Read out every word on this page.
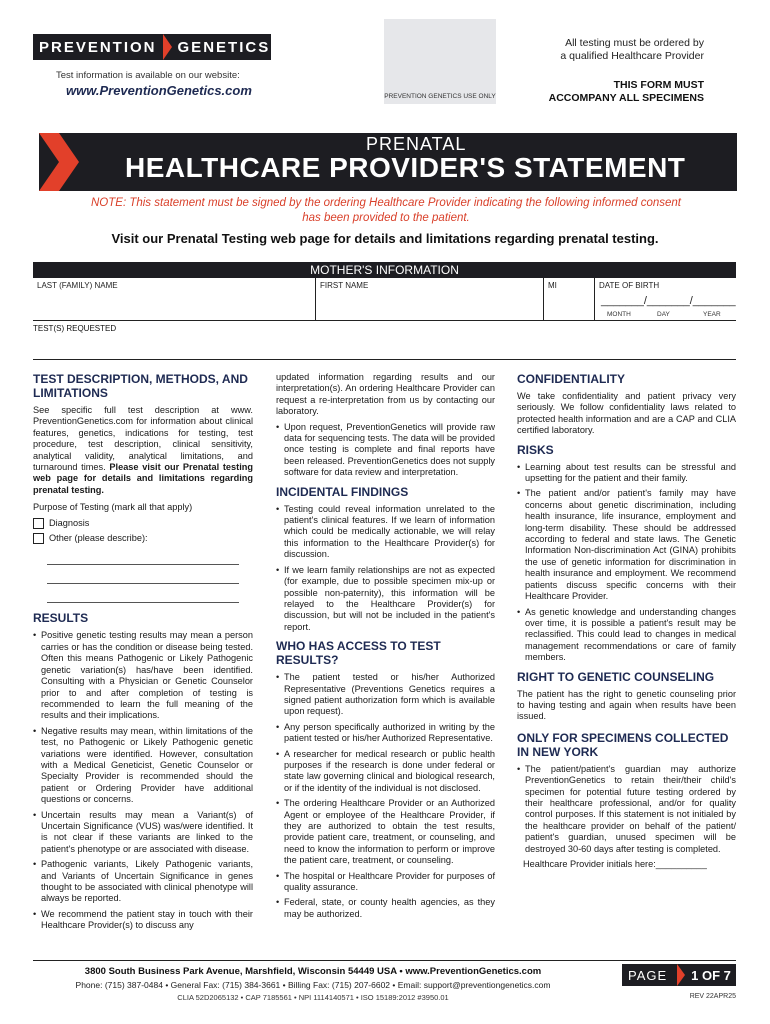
PREVENTION GENETICS
Test information is available on our website:
www.PreventionGenetics.com	PREVENTION GENETICS USE ONLY
All testing must be ordered by
a qualified Healthcare Provider
THIS FORM MUST
ACCOMPANY ALL SPECIMENS
PRENATAL
HEALTHCARE PROVIDER'S STATEMENT
NOTE: This statement must be signed by the ordering Healthcare Provider indicating the following informed consent has been provided to the patient.
Visit our Prenatal Testing web page for details and limitations regarding prenatal testing.
MOTHER'S INFORMATION
LAST (FAMILY) NAME	FIRST NAME	MI	DATE OF BIRTH
_______/_______/_______
MONTH	DAY	YEAR
TEST(S) REQUESTED
TEST DESCRIPTION, METHODS, AND LIMITATIONS
See specific full test description at www. PreventionGenetics.com for information about clinical features, genetics, indications for testing, test procedure, test description, clinical sensitivity, analytical validity, analytical limitations, and turnaround times. Please visit our Prenatal testing web page for details and limitations regarding prenatal testing.
Purpose of Testing (mark all that apply)
Diagnosis
Other (please describe):
RESULTS
• Positive genetic testing results may mean a person carries or has the condition or disease being tested. Often this means Pathogenic or Likely Pathogenic genetic variation(s) has/have been identified. Consulting with a Physician or Genetic Counselor prior to and after completion of testing is recommended to learn the full meaning of the results and their implications.
• Negative results may mean, within limitations of the test, no Pathogenic or Likely Pathogenic genetic variations were identified. However, consultation with a Medical Geneticist, Genetic Counselor or Specialty Provider is recommended should the patient or Ordering Provider have additional questions or concerns.
• Uncertain results may mean a Variant(s) of Uncertain Significance (VUS) was/were identified. It is not clear if these variants are linked to the patient's phenotype or are associated with disease.
• Pathogenic variants, Likely Pathogenic variants, and Variants of Uncertain Significance in genes thought to be associated with clinical phenotype will always be reported.
• We recommend the patient stay in touch with their Healthcare Provider(s) to discuss any
updated information regarding results and our interpretation(s). An ordering Healthcare Provider can request a re-interpretation from us by contacting our laboratory.
• Upon request, PreventionGenetics will provide raw data for sequencing tests. The data will be provided once testing is complete and final reports have been released. PreventionGenetics does not supply software for data review and interpretation.
INCIDENTAL FINDINGS
• Testing could reveal information unrelated to the patient's clinical features. If we learn of information which could be medically actionable, we will relay this information to the Healthcare Provider(s) for discussion.
• If we learn family relationships are not as expected (for example, due to possible specimen mix-up or possible non-paternity), this information will be relayed to the Healthcare Provider(s) for discussion, but will not be included in the patient's report.
WHO HAS ACCESS TO TEST RESULTS?
• The patient tested or his/her Authorized Representative (Preventions Genetics requires a signed patient authorization form which is available upon request).
• Any person specifically authorized in writing by the patient tested or his/her Authorized Representative.
• A researcher for medical research or public health purposes if the research is done under federal or state law governing clinical and biological research, or if the identity of the individual is not disclosed.
• The ordering Healthcare Provider or an Authorized Agent or employee of the Healthcare Provider, if they are authorized to obtain the test results, provide patient care, treatment, or counseling, and need to know the information to perform or improve the patient care, treatment, or counseling.
• The hospital or Healthcare Provider for purposes of quality assurance.
• Federal, state, or county health agencies, as they may be authorized.
CONFIDENTIALITY
We take confidentiality and patient privacy very seriously. We follow confidentiality laws related to protected health information and are a CAP and CLIA certified laboratory.
RISKS
• Learning about test results can be stressful and upsetting for the patient and their family.
• The patient and/or patient's family may have concerns about genetic discrimination, including health insurance, life insurance, employment and long-term disability. These should be addressed according to federal and state laws. The Genetic Information Non-discrimination Act (GINA) prohibits the use of genetic information for discrimination in health insurance and employment. We recommend patients discuss specific concerns with their Healthcare Provider.
• As genetic knowledge and understanding changes over time, it is possible a patient's result may be reclassified. This could lead to changes in medical management recommendations or care of family members.
RIGHT TO GENETIC COUNSELING
The patient has the right to genetic counseling prior to having testing and again when results have been issued.
ONLY FOR SPECIMENS COLLECTED IN NEW YORK
• The patient/patient's guardian may authorize PreventionGenetics to retain their/their child's specimen for potential future testing ordered by their healthcare professional, and/or for quality control purposes. If this statement is not initialed by the healthcare provider on behalf of the patient/ patient's guardian, unused specimen will be destroyed 30-60 days after testing is completed.
Healthcare Provider initials here:__________
3800 South Business Park Avenue, Marshfield, Wisconsin 54449 USA • www.PreventionGenetics.com
Phone: (715) 387-0484 • General Fax: (715) 384-3661 • Billing Fax: (715) 207-6602 • Email: support@preventiongenetics.com
CLIA 52D2065132 • CAP 7185561 • NPI 1114140571 • ISO 15189:2012 #3950.01
PAGE 1 OF 7
REV 22APR25
